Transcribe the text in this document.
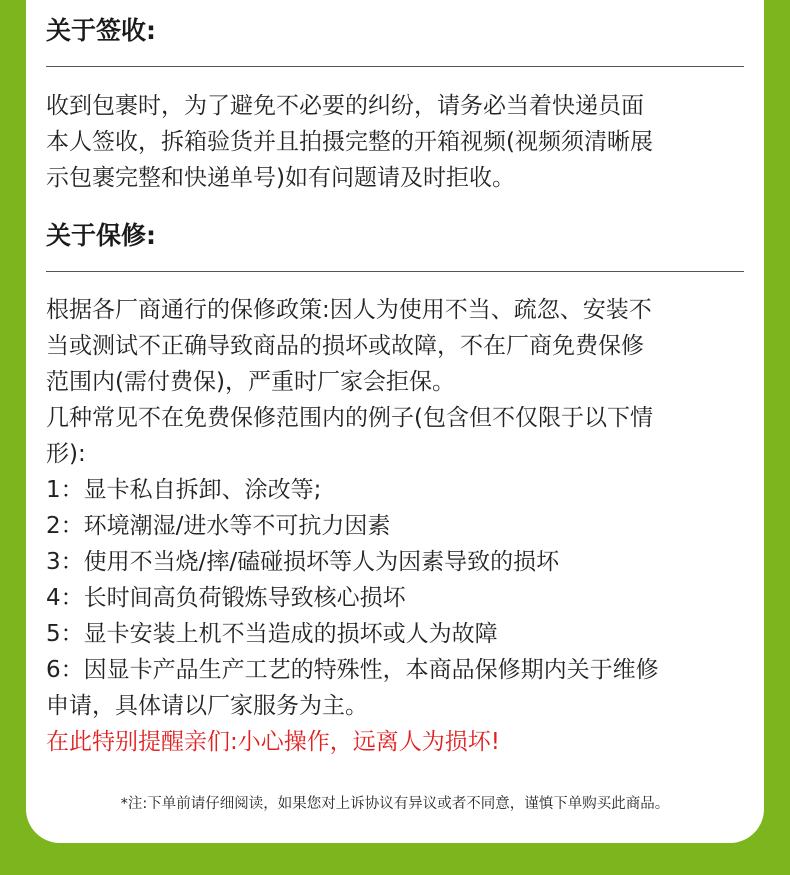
关于签收:

收到包裹时，为了避免不必要的纠纷，请务必当着快递员面
本人签收，拆箱验货并且拍摄完整的开箱视频(视频须清晰展
示包裹完整和快递单号)如有问题请及时拒收。

关于保修:

根据各厂商通行的保修政策:因人为使用不当、疏忽、安装不
当或测试不正确导致商品的损坏或故障，不在厂商免费保修
范围内(需付费保)，严重时厂家会拒保。
几种常见不在免费保修范围内的例子(包含但不仅限于以下情
形):
1：显卡私自拆卸、涂改等;
2：环境潮湿/进水等不可抗力因素
3：使用不当烧/摔/磕碰损坏等人为因素导致的损坏
4：长时间高负荷锻炼导致核心损坏
5：显卡安装上机不当造成的损坏或人为故障
6：因显卡产品生产工艺的特殊性，本商品保修期内关于维修
申请，具体请以厂家服务为主。
在此特别提醒亲们:小心操作，远离人为损坏!

*注:下单前请仔细阅读，如果您对上诉协议有异议或者不同意，谨慎下单购买此商品。
